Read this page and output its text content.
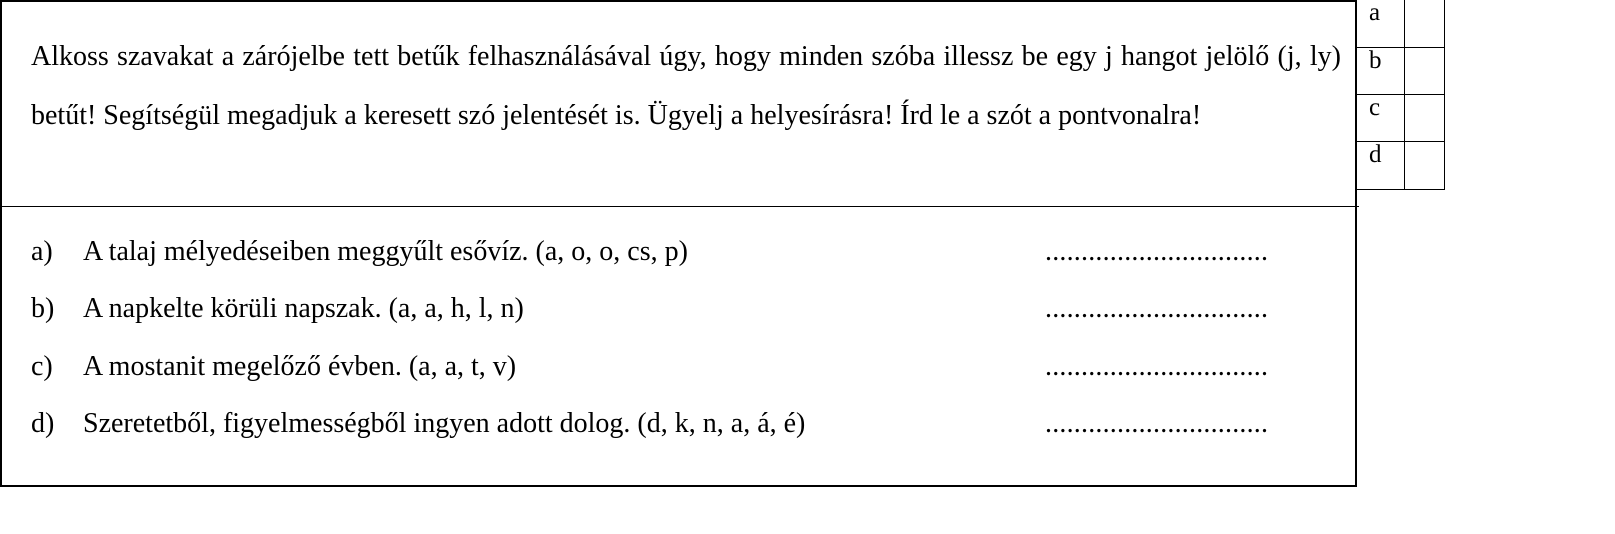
Alkoss szavakat a zárójelbe tett betűk felhasználásával úgy, hogy minden szóba illessz be egy j hangot jelölő (j, ly) betűt! Segítségül megadjuk a keresett szó jelentését is. Ügyelj a helyesírásra! Írd le a szót a pontvonalra!
a) A talaj mélyedéseiben meggyűlt esővíz. (a, o, o, cs, p)	...............................
b) A napkelte körüli napszak. (a, a, h, l, n)	...............................
c) A mostanit megelőző évben. (a, a, t, v)	...............................
d) Szeretetből, figyelmességből ingyen adott dolog. (d, k, n, a, á, é)	...............................
a	
b	
c	
d	
